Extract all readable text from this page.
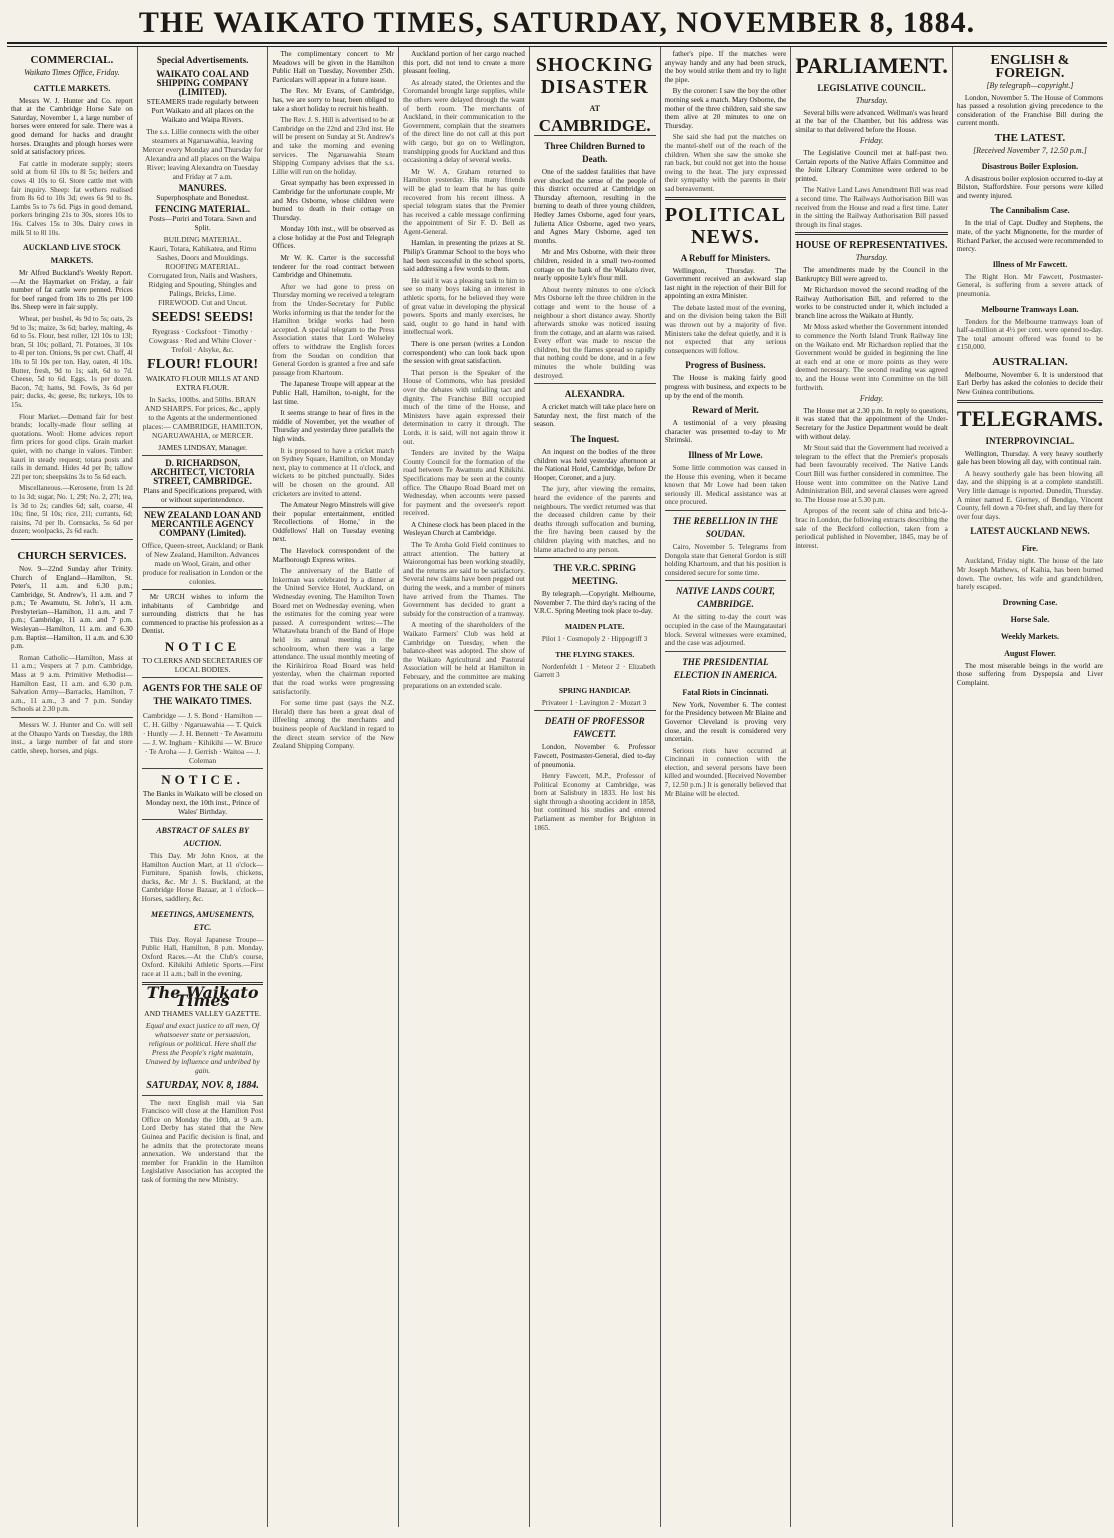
THE WAIKATO TIMES, SATURDAY, NOVEMBER 8, 1884.
COMMERCIAL.
Waikato Times Office, Friday.
CATTLE MARKETS.

Messrs W. J. Hunter and Co. report that at the Cambridge Horse Sale on Saturday, November 1, a large number of horses were entered for sale. There was a good demand for hacks and draught horses. Draughts and plough horses were sold at satisfactory prices.

Fat cattle in moderate supply; steers sold at from 6l 10s to 8l 5s; heifers and cows 4l 10s to 6l. Store cattle met with fair inquiry. Sheep: fat wethers realised from 8s 6d to 10s 3d; ewes 6s 9d to 8s. Lambs 5s to 7s 6d. Pigs in good demand, porkers bringing 21s to 30s, stores 10s to 16s. Calves 15s to 30s. Dairy cows in milk 5l to 8l 10s.

AUCKLAND LIVE STOCK MARKETS.

Mr Alfred Buckland's Weekly Report.—At the Haymarket on Friday, a fair number of fat cattle were penned. Prices for beef ranged from 18s to 20s per 100 lbs. Sheep were in fair supply.

Wheat, per bushel, 4s 9d to 5s; oats, 2s 9d to 3s; maize, 3s 6d; barley, malting, 4s 6d to 5s. Flour, best roller, 12l 10s to 13l; bran, 5l 10s; pollard, 7l. Potatoes, 3l 10s to 4l per ton. Onions, 9s per cwt. Chaff, 4l 10s to 5l 10s per ton. Hay, oaten, 4l 10s. Butter, fresh, 9d to 1s; salt, 6d to 7d. Cheese, 5d to 6d. Eggs, 1s per dozen. Bacon, 7d; hams, 9d. Fowls, 3s 6d per pair; ducks, 4s; geese, 8s; turkeys, 10s to 15s.

Flour Market.—Demand fair for best brands; locally-made flour selling at quotations. Wool: Home advices report firm prices for good clips. Grain market quiet, with no change in values. Timber: kauri in steady request; totara posts and rails in demand. Hides 4d per lb; tallow 22l per ton; sheepskins 3s to 5s 6d each.

Miscellaneous.—Kerosene, from 1s 2d to 1s 3d; sugar, No. 1, 29l; No. 2, 27l; tea, 1s 3d to 2s; candles 6d; salt, coarse, 4l 10s; fine, 5l 10s; rice, 21l; currants, 6d; raisins, 7d per lb. Cornsacks, 5s 6d per dozen; woolpacks, 2s 6d each.

CHURCH SERVICES.

Nov. 9—22nd Sunday after Trinity. Church of England—Hamilton, St. Peter's, 11 a.m. and 6.30 p.m.; Cambridge, St. Andrew's, 11 a.m. and 7 p.m.; Te Awamutu, St. John's, 11 a.m. Presbyterian—Hamilton, 11 a.m. and 7 p.m.; Cambridge, 11 a.m. and 7 p.m. Wesleyan—Hamilton, 11 a.m. and 6.30 p.m. Baptist—Hamilton, 11 a.m. and 6.30 p.m.

Roman Catholic—Hamilton, Mass at 11 a.m.; Vespers at 7 p.m. Cambridge, Mass at 9 a.m. Primitive Methodist—Hamilton East, 11 a.m. and 6.30 p.m. Salvation Army—Barracks, Hamilton, 7 a.m., 11 a.m., 3 and 7 p.m. Sunday Schools at 2.30 p.m.

Messrs W. J. Hunter and Co. will sell at the Ohaupo Yards on Tuesday, the 18th inst., a large number of fat and store cattle, sheep, horses, and pigs.

Special Advertisements.
WAIKATO COAL AND SHIPPING COMPANY (LIMITED).
STEAMERS trade regularly between Port Waikato and all places on the Waikato and Waipa Rivers.
The s.s. Lillie connects with the other steamers at Ngaruawahia, leaving Mercer every Monday and Thursday for Alexandra and all places on the Waipa River; leaving Alexandra on Tuesday and Friday at 7 a.m.
MANURES.
Superphosphate and Bonedust.
FENCING MATERIAL.
Posts—Puriri and Totara. Sawn and Split.
BUILDING MATERIAL.
Kauri, Totara, Kahikatea, and Rimu Sashes, Doors and Mouldings.
ROOFING MATERIAL.
Corrugated Iron, Nails and Washers, Ridging and Spouting, Shingles and Palings, Bricks, Lime.
FIREWOOD. Cut and Uncut.
SEEDS! SEEDS!
Ryegrass · Cocksfoot · Timothy · Cowgrass · Red and White Clover · Trefoil · Alsyke, &c.
FLOUR! FLOUR!
WAIKATO FLOUR MILLS AT AND EXTRA FLOUR.
In Sacks, 100lbs. and 50lbs. BRAN AND SHARPS. For prices, &c., apply to the Agents at the undermentioned places:— CAMBRIDGE, HAMILTON, NGARUAWAHIA, or MERCER.
JAMES LINDSAY, Manager.
D. RICHARDSON, ARCHITECT, VICTORIA STREET, CAMBRIDGE.
Plans and Specifications prepared, with or without superintendence.
NEW ZEALAND LOAN AND MERCANTILE AGENCY COMPANY (Limited).
Office, Queen-street, Auckland; or Bank of New Zealand, Hamilton. Advances made on Wool, Grain, and other produce for realisation in London or the colonies.

Mr URCH wishes to inform the inhabitants of Cambridge and surrounding districts that he has commenced to practise his profession as a Dentist.

NOTICE
TO CLERKS AND SECRETARIES OF LOCAL BODIES.
AGENTS FOR THE SALE OF THE WAIKATO TIMES.
Cambridge — J. S. Bond · Hamilton — C. H. Gilby · Ngaruawahia — T. Quick · Huntly — J. H. Bennett · Te Awamutu — J. W. Ingham · Kihikihi — W. Bruce · Te Aroha — J. Gerrish · Waitoa — J. Coleman
NOTICE.
The Banks in Waikato will be closed on Monday next, the 10th inst., Prince of Wales' Birthday.
ABSTRACT OF SALES BY AUCTION.

This Day. Mr John Knox, at the Hamilton Auction Mart, at 11 o'clock—Furniture, Spanish fowls, chickens, ducks, &c. Mr J. S. Buckland, at the Cambridge Horse Bazaar, at 1 o'clock—Horses, saddlery, &c.

MEETINGS, AMUSEMENTS, ETC.

This Day. Royal Japanese Troupe—Public Hall, Hamilton, 8 p.m. Monday. Oxford Races.—At the Club's course, Oxford. Kihikihi Athletic Sports.—First race at 11 a.m.; ball in the evening.

The Waikato Times
AND THAMES VALLEY GAZETTE.
Equal and exact justice to all men, Of whatsoever state or persuasion, religious or political. Here shall the Press the People's right maintain, Unawed by influence and unbribed by gain.
SATURDAY, NOV. 8, 1884.

The next English mail via San Francisco will close at the Hamilton Post Office on Monday the 10th, at 9 a.m. Lord Derby has stated that the New Guinea and Pacific decision is final, and he admits that the protectorate means annexation. We understand that the member for Franklin in the Hamilton Legislative Association has accepted the task of forming the new Ministry.

The complimentary concert to Mr Meadows will be given in the Hamilton Public Hall on Tuesday, November 25th. Particulars will appear in a future issue.

The Rev. Mr Evans, of Cambridge, has, we are sorry to hear, been obliged to take a short holiday to recruit his health.

The Rev. J. S. Hill is advertised to be at Cambridge on the 22nd and 23rd inst. He will be present on Sunday at St. Andrew's and take the morning and evening services. The Ngaruawahia Steam Shipping Company advises that the s.s. Lillie will run on the holiday.

Great sympathy has been expressed in Cambridge for the unfortunate couple, Mr and Mrs Osborne, whose children were burned to death in their cottage on Thursday.

Monday 10th inst., will be observed as a close holiday at the Post and Telegraph Offices.

Mr W. K. Carter is the successful tenderer for the road contract between Cambridge and Ohinemutu.

After we had gone to press on Thursday morning we received a telegram from the Under-Secretary for Public Works informing us that the tender for the Hamilton bridge works had been accepted. A special telegram to the Press Association states that Lord Wolseley offers to withdraw the English forces from the Soudan on condition that General Gordon is granted a free and safe passage from Khartoum.

The Japanese Troupe will appear at the Public Hall, Hamilton, to-night, for the last time.

It seems strange to hear of fires in the middle of November, yet the weather of Thursday and yesterday three parallels the high winds.

It is proposed to have a cricket match on Sydney Square, Hamilton, on Monday next, play to commence at 11 o'clock, and wickets to be pitched punctually. Sides will be chosen on the ground. All cricketers are invited to attend.

The Amateur Negro Minstrels will give their popular entertainment, entitled 'Recollections of Home,' in the Oddfellows' Hall on Tuesday evening next.

The Havelock correspondent of the Marlborough Express writes.

The anniversary of the Battle of Inkerman was celebrated by a dinner at the United Service Hotel, Auckland, on Wednesday evening. The Hamilton Town Board met on Wednesday evening, when the estimates for the coming year were passed. A correspondent writes:—The Whatawhata branch of the Band of Hope held its annual meeting in the schoolroom, when there was a large attendance. The usual monthly meeting of the Kirikiriroa Road Board was held yesterday, when the chairman reported that the road works were progressing satisfactorily.

For some time past (says the N.Z. Herald) there has been a great deal of illfeeling among the merchants and business people of Auckland in regard to the direct steam service of the New Zealand Shipping Company.

Auckland portion of her cargo reached this port, did not tend to create a more pleasant feeling.

As already stated, the Orientes and the Coromandel brought large supplies, while the others were delayed through the want of berth room. The merchants of Auckland, in their communication to the Government, complain that the steamers of the direct line do not call at this port with cargo, but go on to Wellington, transhipping goods for Auckland and thus occasioning a delay of several weeks.

Mr W. A. Graham returned to Hamilton yesterday. His many friends will be glad to learn that he has quite recovered from his recent illness. A special telegram states that the Premier has received a cable message confirming the appointment of Sir F. D. Bell as Agent-General.

Hamlan, in presenting the prizes at St. Philip's Grammar School to the boys who had been successful in the school sports, said addressing a few words to them.

He said it was a pleasing task to him to see so many boys taking an interest in athletic sports, for he believed they were of great value in developing the physical powers. Sports and manly exercises, he said, ought to go hand in hand with intellectual work.

There is one person (writes a London correspondent) who can look back upon the session with great satisfaction.

That person is the Speaker of the House of Commons, who has presided over the debates with unfailing tact and dignity. The Franchise Bill occupied much of the time of the House, and Ministers have again expressed their determination to carry it through. The Lords, it is said, will not again throw it out.

Tenders are invited by the Waipa County Council for the formation of the road between Te Awamutu and Kihikihi. Specifications may be seen at the county office. The Ohaupo Road Board met on Wednesday, when accounts were passed for payment and the overseer's report received.

A Chinese clock has been placed in the Wesleyan Church at Cambridge.

The Te Aroha Gold Field continues to attract attention. The battery at Waiorongomai has been working steadily, and the returns are said to be satisfactory. Several new claims have been pegged out during the week, and a number of miners have arrived from the Thames. The Government has decided to grant a subsidy for the construction of a tramway.

A meeting of the shareholders of the Waikato Farmers' Club was held at Cambridge on Tuesday, when the balance-sheet was adopted. The show of the Waikato Agricultural and Pastoral Association will be held at Hamilton in February, and the committee are making preparations on an extended scale.

SHOCKING DISASTER
AT
CAMBRIDGE.
Three Children Burned to Death.

One of the saddest fatalities that have ever shocked the sense of the people of this district occurred at Cambridge on Thursday afternoon, resulting in the burning to death of three young children, Hedley James Osborne, aged four years, Julietta Alice Osborne, aged two years, and Agnes Mary Osborne, aged ten months.

Mr and Mrs Osborne, with their three children, resided in a small two-roomed cottage on the bank of the Waikato river, nearly opposite Lyle's flour mill.

About twenty minutes to one o'clock Mrs Osborne left the three children in the cottage and went to the house of a neighbour a short distance away. Shortly afterwards smoke was noticed issuing from the cottage, and an alarm was raised. Every effort was made to rescue the children, but the flames spread so rapidly that nothing could be done, and in a few minutes the whole building was destroyed.

ALEXANDRA.

A cricket match will take place here on Saturday next, the first match of the season.

The Inquest.

An inquest on the bodies of the three children was held yesterday afternoon at the National Hotel, Cambridge, before Dr Hooper, Coroner, and a jury.

The jury, after viewing the remains, heard the evidence of the parents and neighbours. The verdict returned was that the deceased children came by their deaths through suffocation and burning, the fire having been caused by the children playing with matches, and no blame attached to any person.

THE V.R.C. SPRING MEETING.

By telegraph.—Copyright. Melbourne, November 7. The third day's racing of the V.R.C. Spring Meeting took place to-day.

MAIDEN PLATE.

Pilot 1 · Cosmopoly 2 · Hippogriff 3

THE FLYING STAKES.

Nordenfeldt 1 · Meteor 2 · Elizabeth Garrett 3

SPRING HANDICAP.

Privateer 1 · Lavington 2 · Mozart 3

DEATH OF PROFESSOR FAWCETT.

London, November 6. Professor Fawcett, Postmaster-General, died to-day of pneumonia.

Henry Fawcett, M.P., Professor of Political Economy at Cambridge, was born at Salisbury in 1833. He lost his sight through a shooting accident in 1858, but continued his studies and entered Parliament as member for Brighton in 1865.

father's pipe. If the matches were anyway handy and any had been struck, the boy would strike them and try to light the pipe.

By the coroner: I saw the boy the other morning seek a match. Mary Osborne, the mother of the three children, said she saw them alive at 20 minutes to one on Thursday.

She said she had put the matches on the mantel-shelf out of the reach of the children. When she saw the smoke she ran back, but could not get into the house owing to the heat. The jury expressed their sympathy with the parents in their sad bereavement.

POLITICAL NEWS.
A Rebuff for Ministers.

Wellington, Thursday. The Government received an awkward slap last night in the rejection of their Bill for appointing an extra Minister.

The debate lasted most of the evening, and on the division being taken the Bill was thrown out by a majority of five. Ministers take the defeat quietly, and it is not expected that any serious consequences will follow.

Progress of Business.

The House is making fairly good progress with business, and expects to be up by the end of the month.

Reward of Merit.

A testimonial of a very pleasing character was presented to-day to Mr Shrimski.

Illness of Mr Lowe.

Some little commotion was caused in the House this evening, when it became known that Mr Lowe had been taken seriously ill. Medical assistance was at once procured.

THE REBELLION IN THE SOUDAN.

Cairo, November 5. Telegrams from Dongola state that General Gordon is still holding Khartoum, and that his position is considered secure for some time.

NATIVE LANDS COURT, CAMBRIDGE.

At the sitting to-day the court was occupied in the case of the Maungatautari block. Several witnesses were examined, and the case was adjourned.

THE PRESIDENTIAL ELECTION IN AMERICA.
Fatal Riots in Cincinnati.

New York, November 6. The contest for the Presidency between Mr Blaine and Governor Cleveland is proving very close, and the result is considered very uncertain.

Serious riots have occurred at Cincinnati in connection with the election, and several persons have been killed and wounded. [Received November 7, 12.50 p.m.] It is generally believed that Mr Blaine will be elected.

PARLIAMENT.
LEGISLATIVE COUNCIL.
Thursday.

Several bills were advanced. Wellman's was heard at the bar of the Chamber, but his address was similar to that delivered before the House.

Friday.

The Legislative Council met at half-past two. Certain reports of the Native Affairs Committee and the Joint Library Committee were ordered to be printed.

The Native Land Laws Amendment Bill was read a second time. The Railways Authorisation Bill was received from the House and read a first time. Later in the sitting the Railway Authorisation Bill passed through its final stages.

HOUSE OF REPRESENTATIVES.
Thursday.

The amendments made by the Council in the Bankruptcy Bill were agreed to.

Mr Richardson moved the second reading of the Railway Authorisation Bill, and referred to the works to be constructed under it, which included a branch line across the Waikato at Huntly.

Mr Moss asked whether the Government intended to commence the North Island Trunk Railway line on the Waikato end. Mr Richardson replied that the Government would be guided in beginning the line at each end at one or more points as they were deemed necessary. The second reading was agreed to, and the House went into Committee on the bill forthwith.

Friday.

The House met at 2.30 p.m. In reply to questions, it was stated that the appointment of the Under-Secretary for the Justice Department would be dealt with without delay.

Mr Stout said that the Government had received a telegram to the effect that the Premier's proposals had been favourably received. The Native Lands Court Bill was further considered in committee. The House went into committee on the Native Land Administration Bill, and several clauses were agreed to. The House rose at 5.30 p.m.

Apropos of the recent sale of china and bric-à-brac in London, the following extracts describing the sale of the Beckford collection, taken from a periodical published in November, 1845, may be of interest.

ENGLISH & FOREIGN.
[By telegraph—copyright.]

London, November 5. The House of Commons has passed a resolution giving precedence to the consideration of the Franchise Bill during the current month.

THE LATEST.
[Received November 7, 12.50 p.m.]
Disastrous Boiler Explosion.

A disastrous boiler explosion occurred to-day at Bilston, Staffordshire. Four persons were killed and twenty injured.

The Cannibalism Case.

In the trial of Capt. Dudley and Stephens, the mate, of the yacht Mignonette, for the murder of Richard Parker, the accused were recommended to mercy.

Illness of Mr Fawcett.

The Right Hon. Mr Fawcett, Postmaster-General, is suffering from a severe attack of pneumonia.

Melbourne Tramways Loan.

Tenders for the Melbourne tramways loan of half-a-million at 4½ per cent. were opened to-day. The total amount offered was found to be £150,000.

AUSTRALIAN.

Melbourne, November 6. It is understood that Earl Derby has asked the colonies to decide their New Guinea contributions.

TELEGRAMS.
INTERPROVINCIAL.

Wellington, Thursday. A very heavy southerly gale has been blowing all day, with continual rain.

A heavy southerly gale has been blowing all day, and the shipping is at a complete standstill. Very little damage is reported. Dunedin, Thursday. A miner named E. Gierney, of Bendigo, Vincent County, fell down a 70-feet shaft, and lay there for over four days.

LATEST AUCKLAND NEWS.
Fire.

Auckland, Friday night. The house of the late Mr Joseph Mathews, of Kaihia, has been burned down. The owner, his wife and grandchildren, barely escaped.

Drowning Case.
Horse Sale.
Weekly Markets.
August Flower.

The most miserable beings in the world are those suffering from Dyspepsia and Liver Complaint.
